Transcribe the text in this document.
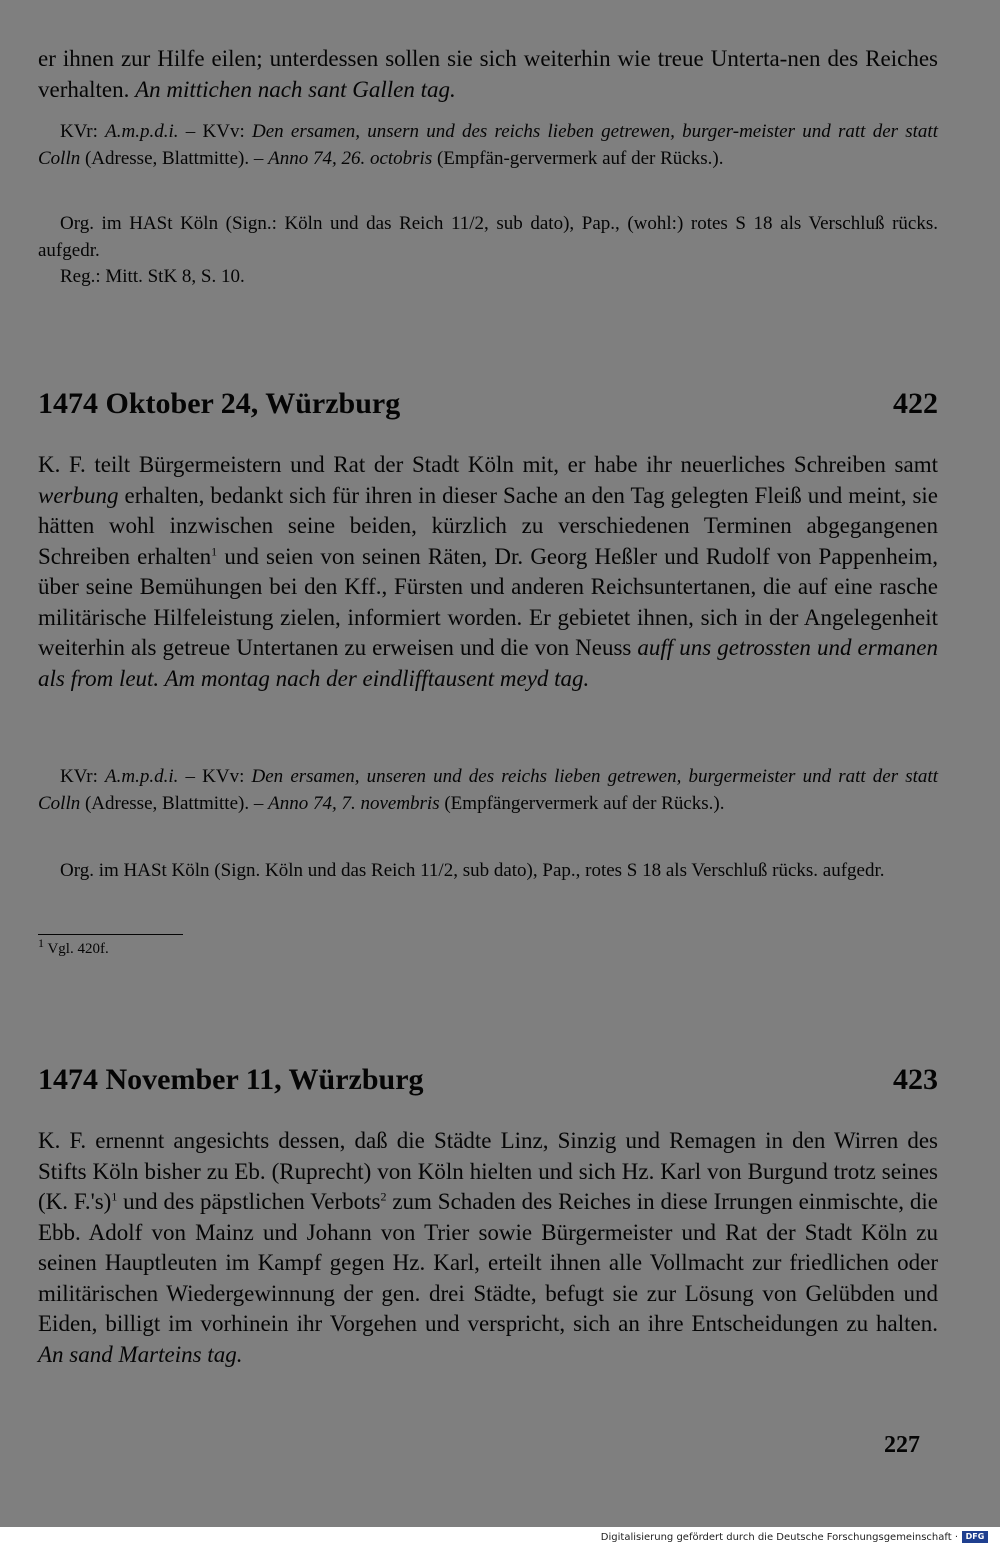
er ihnen zur Hilfe eilen; unterdessen sollen sie sich weiterhin wie treue Unterta-nen des Reiches verhalten. An mittichen nach sant Gallen tag.

KVr: A.m.p.d.i. – KVv: Den ersamen, unsern und des reichs lieben getrewen, burger-meister und ratt der statt Colln (Adresse, Blattmitte). – Anno 74, 26. octobris (Empfän-gervermerk auf der Rücks.).

Org. im HASt Köln (Sign.: Köln und das Reich 11/2, sub dato), Pap., (wohl:) rotes S 18 als Verschluß rücks. aufgedr.

Reg.: Mitt. StK 8, S. 10.

1474 Oktober 24, Würzburg	422

K. F. teilt Bürgermeistern und Rat der Stadt Köln mit, er habe ihr neuerliches Schreiben samt werbung erhalten, bedankt sich für ihren in dieser Sache an den Tag gelegten Fleiß und meint, sie hätten wohl inzwischen seine beiden, kürzlich zu verschiedenen Terminen abgegangenen Schreiben erhalten$^1$ und seien von seinen Räten, Dr. Georg Heßler und Rudolf von Pappenheim, über seine Bemühungen bei den Kff., Fürsten und anderen Reichsuntertanen, die auf eine rasche militärische Hilfeleistung zielen, informiert worden. Er gebietet ihnen, sich in der Angelegenheit weiterhin als getreue Untertanen zu erweisen und die von Neuss auff uns getrossten und ermanen als from leut. Am montag nach der eindlifftausent meyd tag.

KVr: A.m.p.d.i. – KVv: Den ersamen, unseren und des reichs lieben getrewen, burgermeister und ratt der statt Colln (Adresse, Blattmitte). – Anno 74, 7. novembris (Empfängervermerk auf der Rücks.).

Org. im HASt Köln (Sign. Köln und das Reich 11/2, sub dato), Pap., rotes S 18 als Verschluß rücks. aufgedr.

$^1$ Vgl. 420f.
1474 November 11, Würzburg	423

K. F. ernennt angesichts dessen, daß die Städte Linz, Sinzig und Remagen in den Wirren des Stifts Köln bisher zu Eb. (Ruprecht) von Köln hielten und sich Hz. Karl von Burgund trotz seines (K. F.'s)$^1$ und des päpstlichen Verbots$^2$ zum Schaden des Reiches in diese Irrungen einmischte, die Ebb. Adolf von Mainz und Johann von Trier sowie Bürgermeister und Rat der Stadt Köln zu seinen Hauptleuten im Kampf gegen Hz. Karl, erteilt ihnen alle Vollmacht zur friedlichen oder militärischen Wiedergewinnung der gen. drei Städte, befugt sie zur Lösung von Gelübden und Eiden, billigt im vorhinein ihr Vorgehen und verspricht, sich an ihre Entscheidungen zu halten. An sand Marteins tag.

227
Digitalisierung gefördert durch die Deutsche Forschungsgemeinschaft · DFG
